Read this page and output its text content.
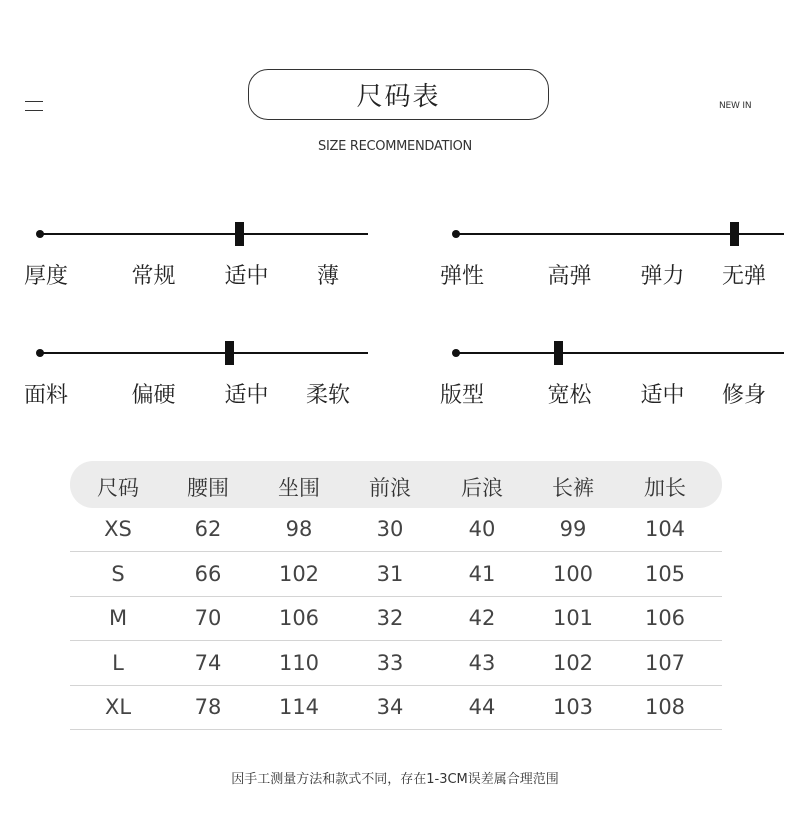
尺码表	NEW IN
SIZE RECOMMENDATION
厚度	常规 适中 薄	弹性	高弹 弹力 无弹
面料	偏硬 适中 柔软	版型	宽松 适中 修身
尺码	腰围	坐围	前浪	后浪	长裤	加长
XS	62	98	30	40	99	104
S	66	102	31	41	100	105
M	70	106	32	42	101	106
L	74	110	33	43	102	107
XL	78	114	34	44	103	108
因手工测量方法和款式不同，存在1-3CM误差属合理范围
